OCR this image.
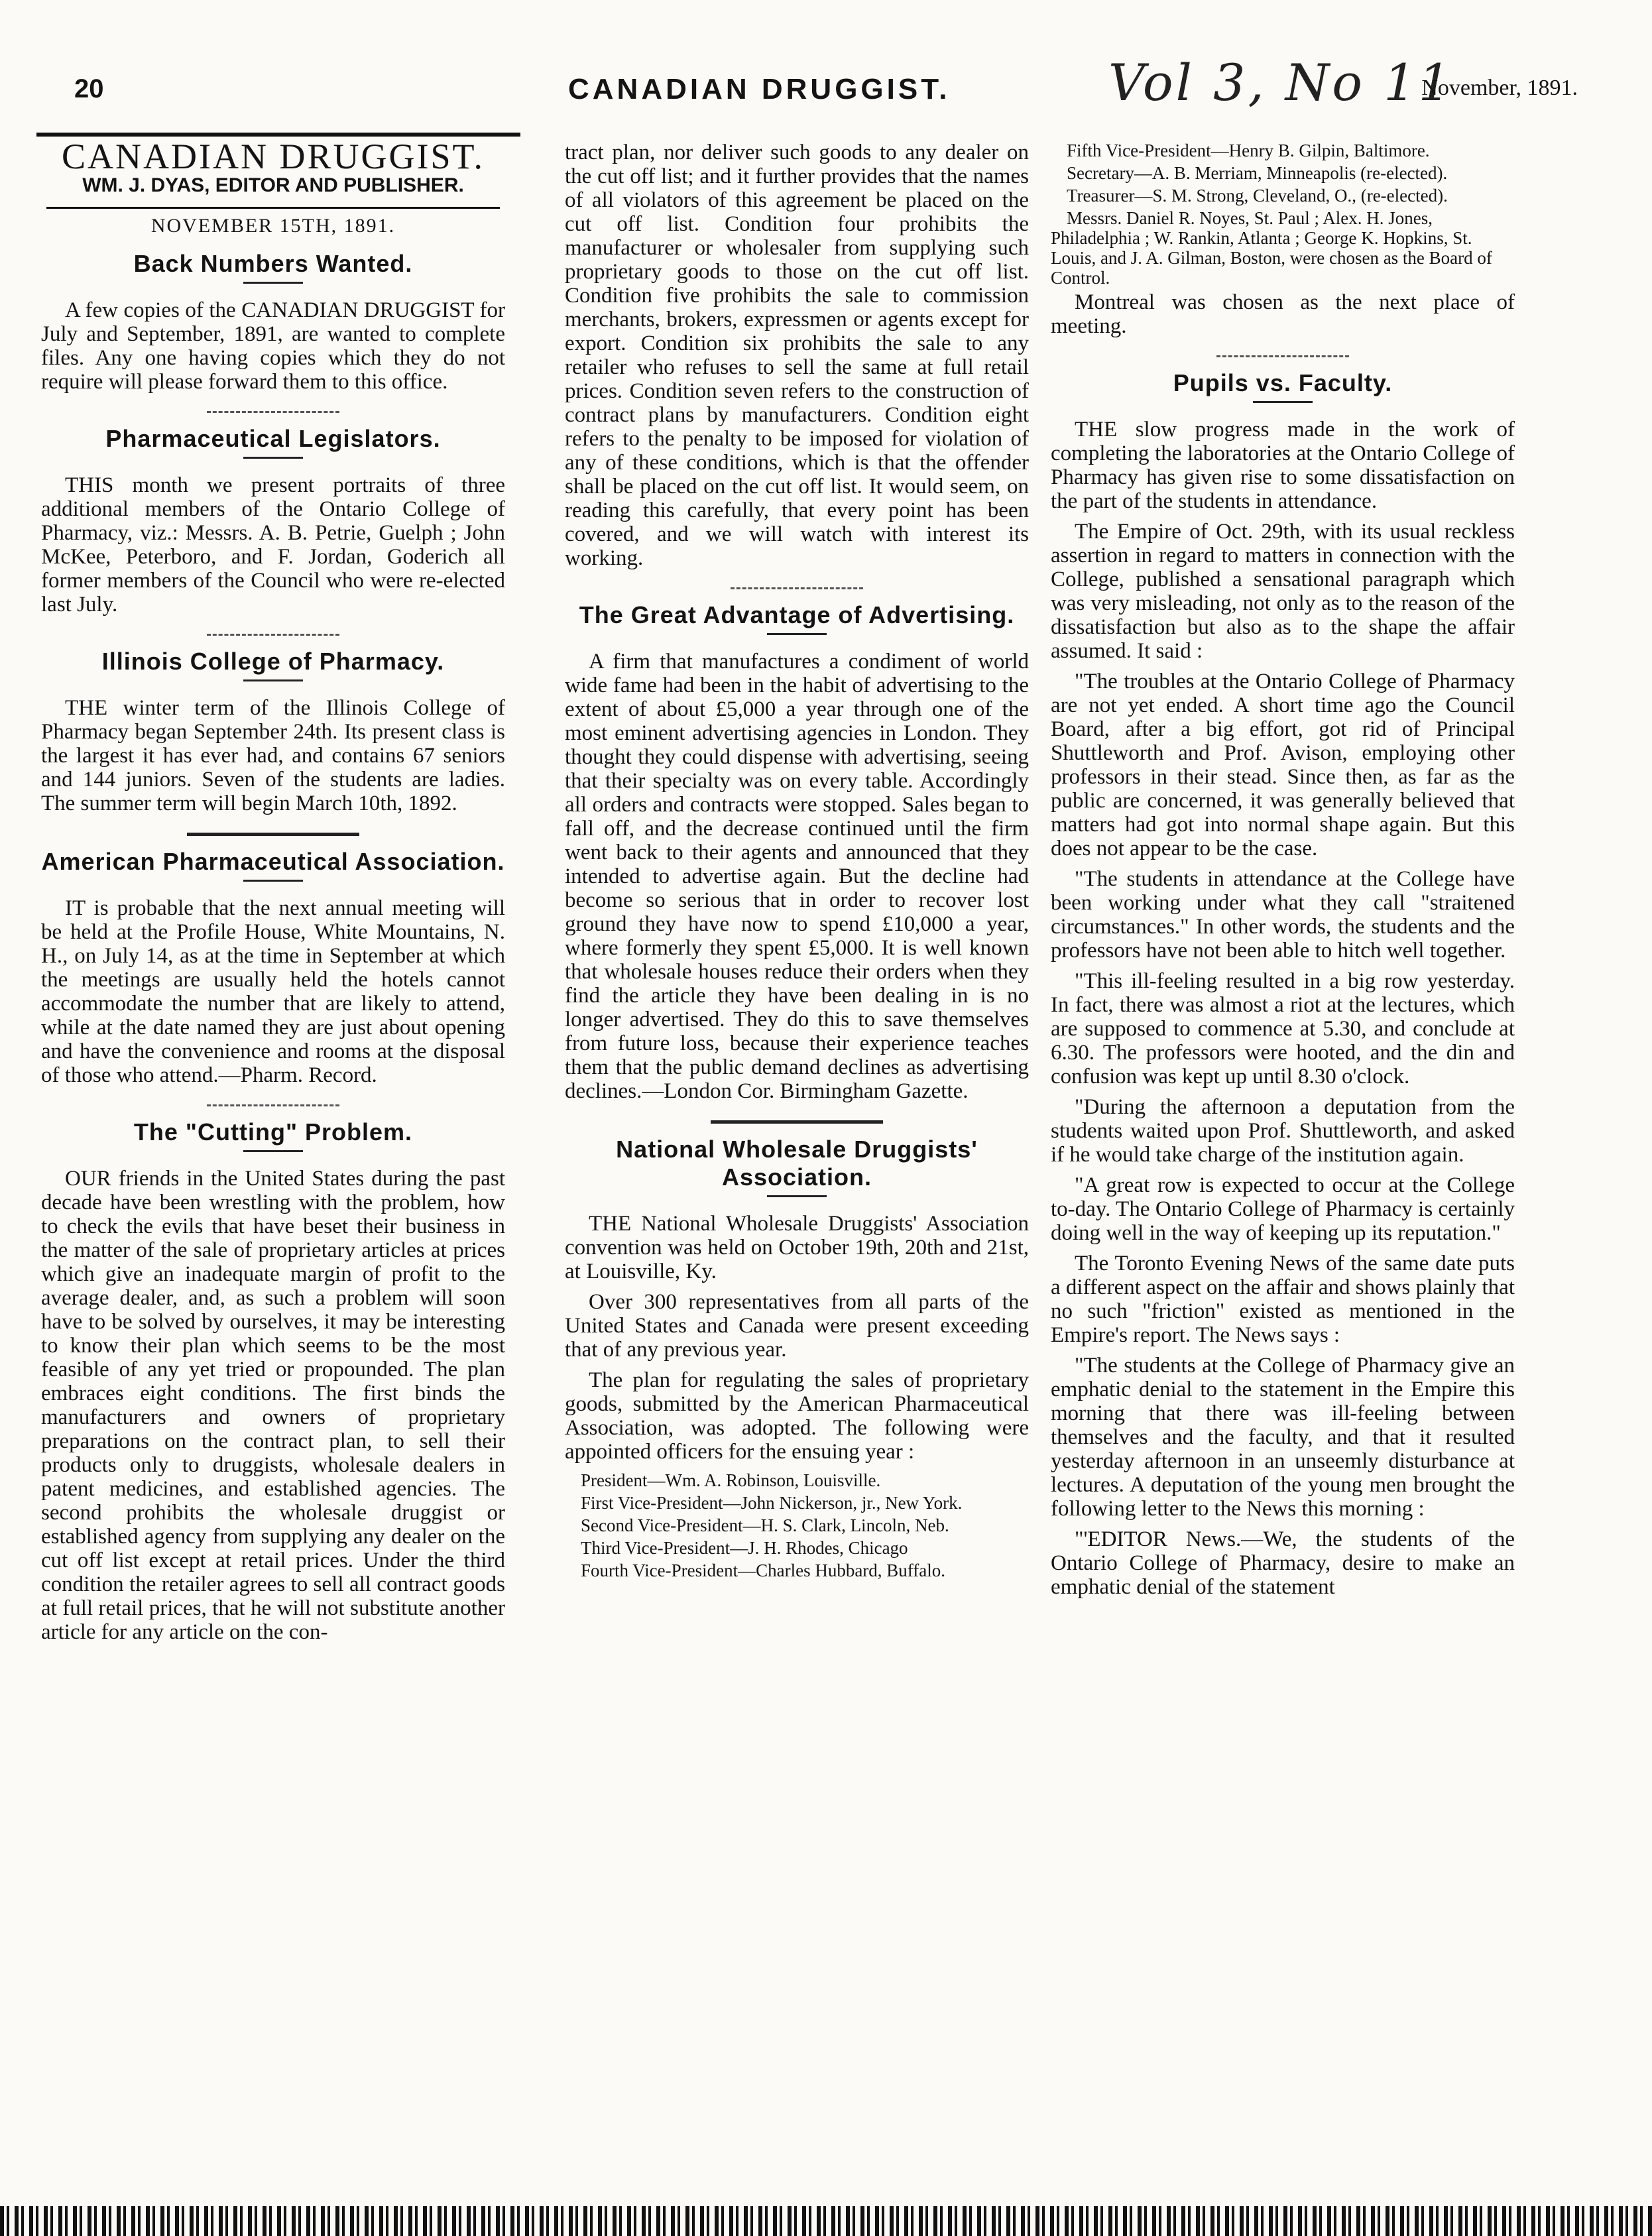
20	CANADIAN DRUGGIST.	Vol 3, No 11
November, 1891.
CANADIAN DRUGGIST.
WM. J. DYAS, EDITOR AND PUBLISHER.
NOVEMBER 15TH, 1891.
Back Numbers Wanted.

A few copies of the CANADIAN DRUGGIST for July and September, 1891, are wanted to complete files. Any one having copies which they do not require will please forward them to this office.

Pharmaceutical Legislators.

THIS month we present portraits of three additional members of the Ontario College of Pharmacy, viz.: Messrs. A. B. Petrie, Guelph ; John McKee, Peterboro, and F. Jordan, Goderich all former members of the Council who were re-elected last July.

Illinois College of Pharmacy.

THE winter term of the Illinois College of Pharmacy began September 24th. Its present class is the largest it has ever had, and contains 67 seniors and 144 juniors. Seven of the students are ladies. The summer term will begin March 10th, 1892.

American Pharmaceutical Association.

IT is probable that the next annual meeting will be held at the Profile House, White Mountains, N. H., on July 14, as at the time in September at which the meetings are usually held the hotels cannot accommodate the number that are likely to attend, while at the date named they are just about opening and have the convenience and rooms at the disposal of those who attend.—Pharm. Record.

The "Cutting" Problem.

OUR friends in the United States during the past decade have been wrestling with the problem, how to check the evils that have beset their business in the matter of the sale of proprietary articles at prices which give an inadequate margin of profit to the average dealer, and, as such a problem will soon have to be solved by ourselves, it may be interesting to know their plan which seems to be the most feasible of any yet tried or propounded. The plan embraces eight conditions. The first binds the manufacturers and owners of proprietary preparations on the contract plan, to sell their products only to druggists, wholesale dealers in patent medicines, and established agencies. The second prohibits the wholesale druggist or established agency from supplying any dealer on the cut off list except at retail prices. Under the third condition the retailer agrees to sell all contract goods at full retail prices, that he will not substitute another article for any article on the con-

tract plan, nor deliver such goods to any dealer on the cut off list; and it further provides that the names of all violators of this agreement be placed on the cut off list. Condition four prohibits the manufacturer or wholesaler from supplying such proprietary goods to those on the cut off list. Condition five prohibits the sale to commission merchants, brokers, expressmen or agents except for export. Condition six prohibits the sale to any retailer who refuses to sell the same at full retail prices. Condition seven refers to the construction of contract plans by manufacturers. Condition eight refers to the penalty to be imposed for violation of any of these conditions, which is that the offender shall be placed on the cut off list. It would seem, on reading this carefully, that every point has been covered, and we will watch with interest its working.

The Great Advantage of Advertising.

A firm that manufactures a condiment of world wide fame had been in the habit of advertising to the extent of about £5,000 a year through one of the most eminent advertising agencies in London. They thought they could dispense with advertising, seeing that their specialty was on every table. Accordingly all orders and contracts were stopped. Sales began to fall off, and the decrease continued until the firm went back to their agents and announced that they intended to advertise again. But the decline had become so serious that in order to recover lost ground they have now to spend £10,000 a year, where formerly they spent £5,000. It is well known that wholesale houses reduce their orders when they find the article they have been dealing in is no longer advertised. They do this to save themselves from future loss, because their experience teaches them that the public demand declines as advertising declines.—London Cor. Birmingham Gazette.

National Wholesale Druggists' Association.

THE National Wholesale Druggists' Association convention was held on October 19th, 20th and 21st, at Louisville, Ky.

Over 300 representatives from all parts of the United States and Canada were present exceeding that of any previous year.

The plan for regulating the sales of proprietary goods, submitted by the American Pharmaceutical Association, was adopted. The following were appointed officers for the ensuing year :

President—Wm. A. Robinson, Louisville.

First Vice-President—John Nickerson, jr., New York.

Second Vice-President—H. S. Clark, Lincoln, Neb.

Third Vice-President—J. H. Rhodes, Chicago

Fourth Vice-President—Charles Hubbard, Buffalo.

Fifth Vice-President—Henry B. Gilpin, Baltimore.

Secretary—A. B. Merriam, Minneapolis (re-elected).

Treasurer—S. M. Strong, Cleveland, O., (re-elected).

Messrs. Daniel R. Noyes, St. Paul ; Alex. H. Jones, Philadelphia ; W. Rankin, Atlanta ; George K. Hopkins, St. Louis, and J. A. Gilman, Boston, were chosen as the Board of Control.

Montreal was chosen as the next place of meeting.

Pupils vs. Faculty.

THE slow progress made in the work of completing the laboratories at the Ontario College of Pharmacy has given rise to some dissatisfaction on the part of the students in attendance.

The Empire of Oct. 29th, with its usual reckless assertion in regard to matters in connection with the College, published a sensational paragraph which was very misleading, not only as to the reason of the dissatisfaction but also as to the shape the affair assumed. It said :

"The troubles at the Ontario College of Pharmacy are not yet ended. A short time ago the Council Board, after a big effort, got rid of Principal Shuttleworth and Prof. Avison, employing other professors in their stead. Since then, as far as the public are concerned, it was generally believed that matters had got into normal shape again. But this does not appear to be the case.

"The students in attendance at the College have been working under what they call "straitened circumstances." In other words, the students and the professors have not been able to hitch well together.

"This ill-feeling resulted in a big row yesterday. In fact, there was almost a riot at the lectures, which are supposed to commence at 5.30, and conclude at 6.30. The professors were hooted, and the din and confusion was kept up until 8.30 o'clock.

"During the afternoon a deputation from the students waited upon Prof. Shuttleworth, and asked if he would take charge of the institution again.

"A great row is expected to occur at the College to-day. The Ontario College of Pharmacy is certainly doing well in the way of keeping up its reputation."

The Toronto Evening News of the same date puts a different aspect on the affair and shows plainly that no such "friction" existed as mentioned in the Empire's report. The News says :

"The students at the College of Pharmacy give an emphatic denial to the statement in the Empire this morning that there was ill-feeling between themselves and the faculty, and that it resulted yesterday afternoon in an unseemly disturbance at lectures. A deputation of the young men brought the following letter to the News this morning :

"'EDITOR News.—We, the students of the Ontario College of Pharmacy, desire to make an emphatic denial of the statement
